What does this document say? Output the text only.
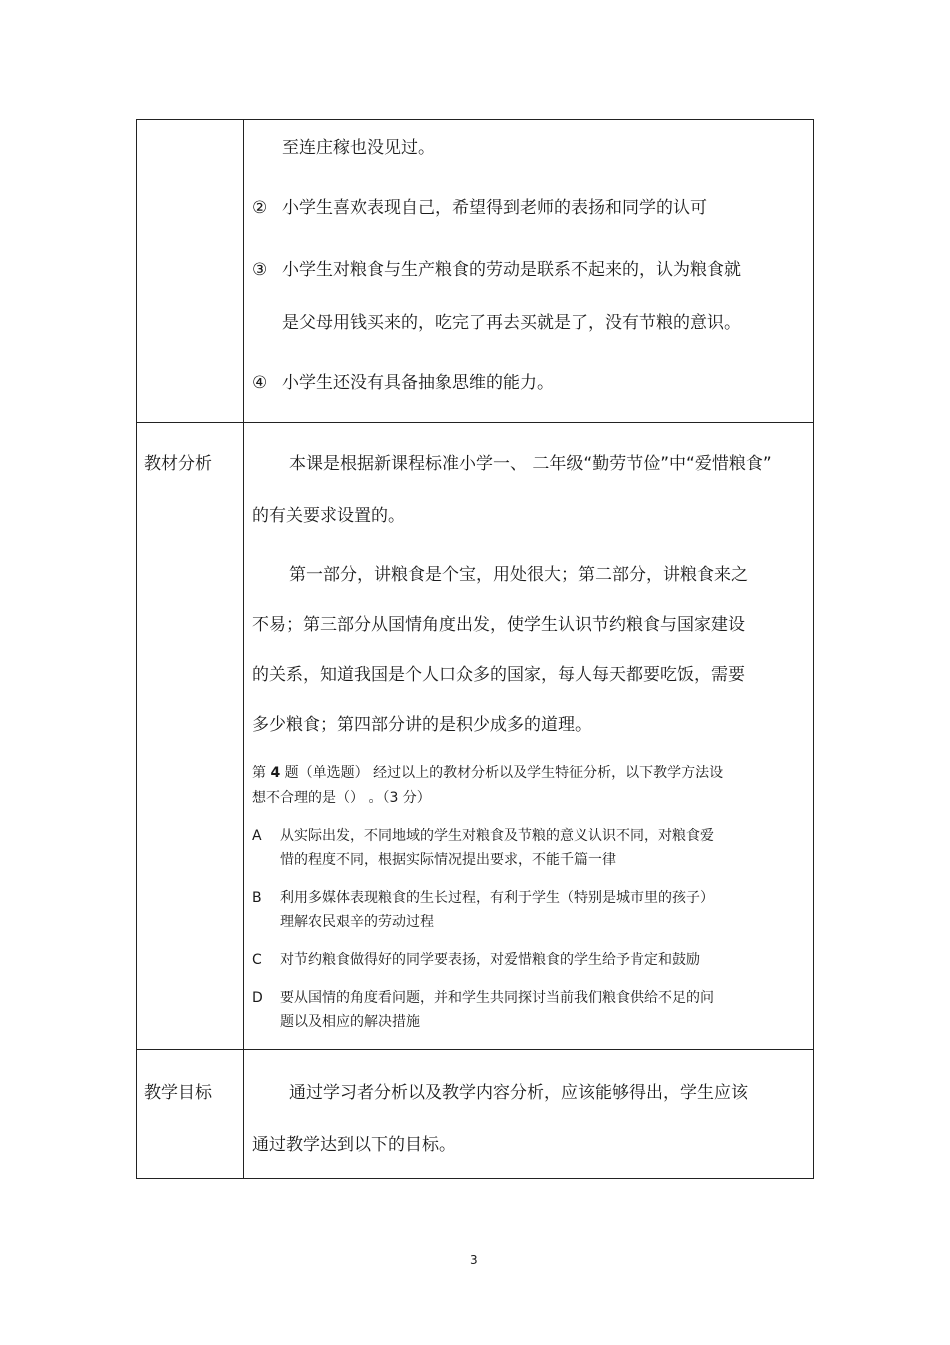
至连庄稼也没见过。
② 小学生喜欢表现自己，希望得到老师的表扬和同学的认可
③ 小学生对粮食与生产粮食的劳动是联系不起来的，认为粮食就
是父母用钱买来的，吃完了再去买就是了，没有节粮的意识。
④ 小学生还没有具备抽象思维的能力。
教材分析	本课是根据新课程标准小学一、 二年级“勤劳节俭”中“爱惜粮食”
的有关要求设置的。
第一部分，讲粮食是个宝，用处很大；第二部分，讲粮食来之
不易；第三部分从国情角度出发，使学生认识节约粮食与国家建设
的关系，知道我国是个人口众多的国家，每人每天都要吃饭，需要
多少粮食；第四部分讲的是积少成多的道理。
第 4 题（单选题） 经过以上的教材分析以及学生特征分析，以下教学方法设
想不合理的是（） 。（3 分）
A 从实际出发，不同地域的学生对粮食及节粮的意义认识不同，对粮食爱
惜的程度不同，根据实际情况提出要求，不能千篇一律
B 利用多媒体表现粮食的生长过程，有利于学生（特别是城市里的孩子）
理解农民艰辛的劳动过程
C 对节约粮食做得好的同学要表扬，对爱惜粮食的学生给予肯定和鼓励
D 要从国情的角度看问题，并和学生共同探讨当前我们粮食供给不足的问
题以及相应的解决措施
教学目标	通过学习者分析以及教学内容分析，应该能够得出，学生应该
通过教学达到以下的目标。
3
